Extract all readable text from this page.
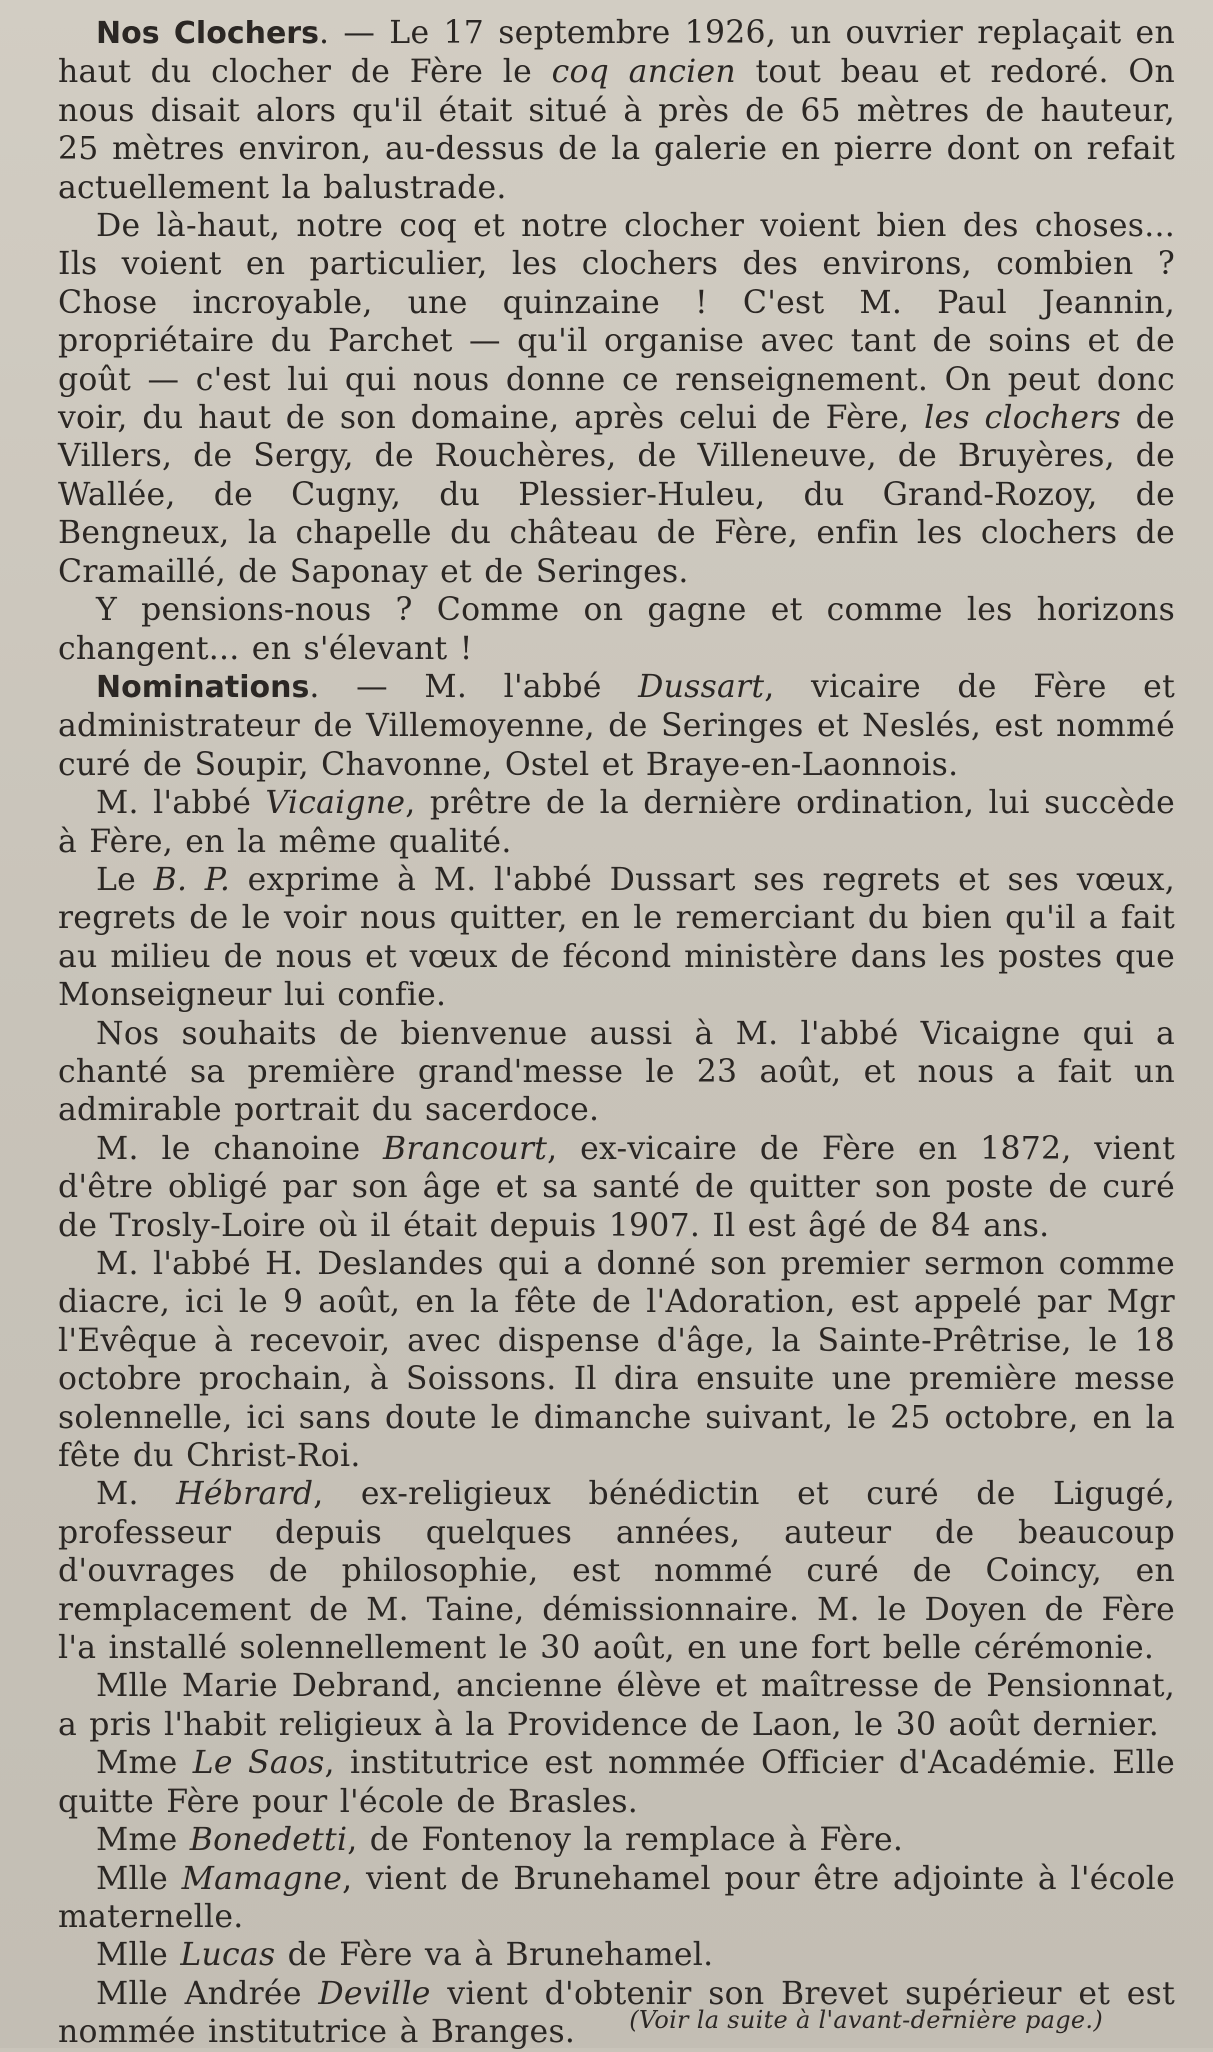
Nos Clochers. — Le 17 septembre 1926, un ouvrier replaçait en haut du clocher de Fère le coq ancien tout beau et redoré. On nous disait alors qu'il était situé à près de 65 mètres de hauteur, 25 mètres environ, au-dessus de la galerie en pierre dont on refait actuellement la balustrade.

De là-haut, notre coq et notre clocher voient bien des choses... Ils voient en particulier, les clochers des environs, combien ? Chose incroyable, une quinzaine ! C'est M. Paul Jeannin, propriétaire du Parchet — qu'il organise avec tant de soins et de goût — c'est lui qui nous donne ce renseignement. On peut donc voir, du haut de son domaine, après celui de Fère, les clochers de Villers, de Sergy, de Rouchères, de Villeneuve, de Bruyères, de Wallée, de Cugny, du Plessier-Huleu, du Grand-Rozoy, de Bengneux, la chapelle du château de Fère, enfin les clochers de Cramaillé, de Saponay et de Seringes.

Y pensions-nous ? Comme on gagne et comme les horizons changent... en s'élevant !

Nominations. — M. l'abbé Dussart, vicaire de Fère et administrateur de Villemoyenne, de Seringes et Neslés, est nommé curé de Soupir, Chavonne, Ostel et Braye-en-Laonnois.

M. l'abbé Vicaigne, prêtre de la dernière ordination, lui succède à Fère, en la même qualité.

Le B. P. exprime à M. l'abbé Dussart ses regrets et ses vœux, regrets de le voir nous quitter, en le remerciant du bien qu'il a fait au milieu de nous et vœux de fécond ministère dans les postes que Monseigneur lui confie.

Nos souhaits de bienvenue aussi à M. l'abbé Vicaigne qui a chanté sa première grand'messe le 23 août, et nous a fait un admirable portrait du sacerdoce.

M. le chanoine Brancourt, ex-vicaire de Fère en 1872, vient d'être obligé par son âge et sa santé de quitter son poste de curé de Trosly-Loire où il était depuis 1907. Il est âgé de 84 ans.

M. l'abbé H. Deslandes qui a donné son premier sermon comme diacre, ici le 9 août, en la fête de l'Adoration, est appelé par Mgr l'Evêque à recevoir, avec dispense d'âge, la Sainte-Prêtrise, le 18 octobre prochain, à Soissons. Il dira ensuite une première messe solennelle, ici sans doute le dimanche suivant, le 25 octobre, en la fête du Christ-Roi.

M. Hébrard, ex-religieux bénédictin et curé de Ligugé, professeur depuis quelques années, auteur de beaucoup d'ouvrages de philosophie, est nommé curé de Coincy, en remplacement de M. Taine, démissionnaire. M. le Doyen de Fère l'a installé solennellement le 30 août, en une fort belle cérémonie.

Mlle Marie Debrand, ancienne élève et maîtresse de Pensionnat, a pris l'habit religieux à la Providence de Laon, le 30 août dernier.

Mme Le Saos, institutrice est nommée Officier d'Académie. Elle quitte Fère pour l'école de Brasles.

Mme Bonedetti, de Fontenoy la remplace à Fère.

Mlle Mamagne, vient de Brunehamel pour être adjointe à l'école maternelle.

Mlle Lucas de Fère va à Brunehamel.

Mlle Andrée Deville vient d'obtenir son Brevet supérieur et est nommée institutrice à Branges.	(Voir la suite à l'avant-dernière page.)
